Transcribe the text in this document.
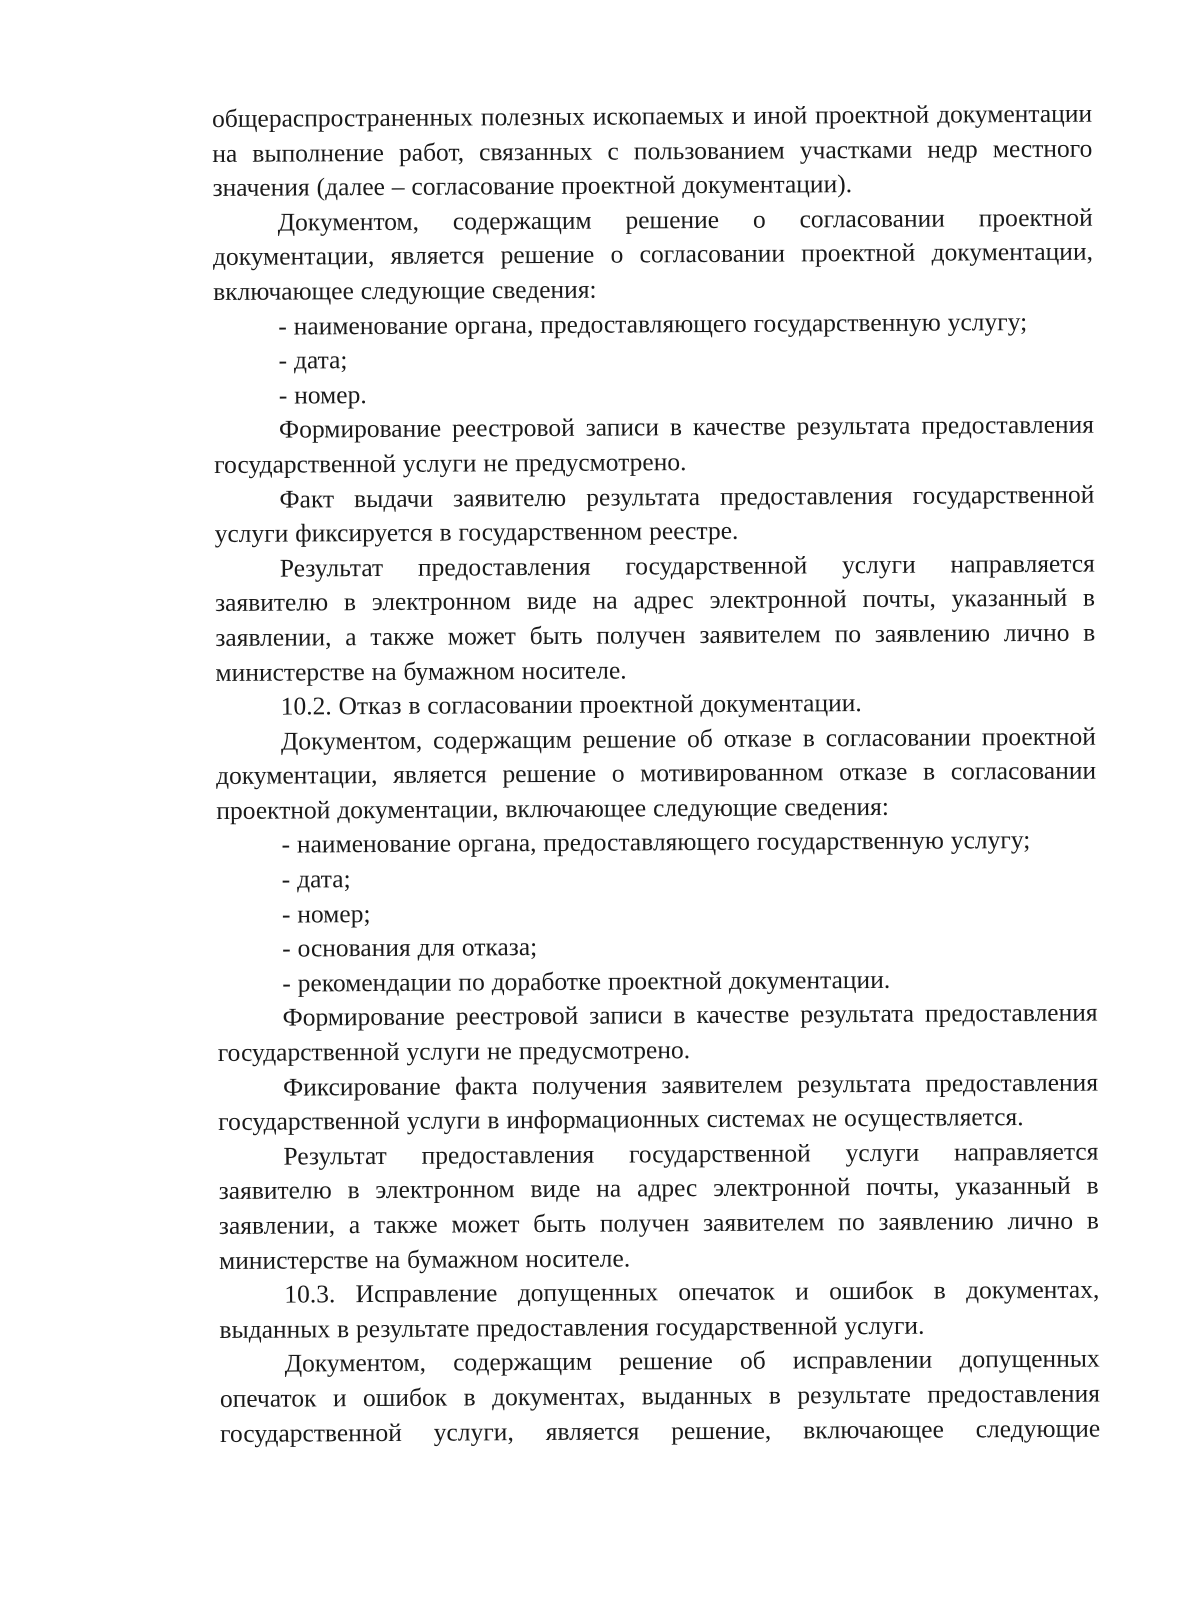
общераспространенных полезных ископаемых и иной проектной документации на выполнение работ, связанных с пользованием участками недр местного значения (далее – согласование проектной документации).

Документом, содержащим решение о согласовании проектной документации, является решение о согласовании проектной документации, включающее следующие сведения:

- наименование органа, предоставляющего государственную услугу;

- дата;

- номер.

Формирование реестровой записи в качестве результата предоставления государственной услуги не предусмотрено.

Факт выдачи заявителю результата предоставления государственной услуги фиксируется в государственном реестре.

Результат предоставления государственной услуги направляется заявителю в электронном виде на адрес электронной почты, указанный в заявлении, а также может быть получен заявителем по заявлению лично в министерстве на бумажном носителе.

10.2. Отказ в согласовании проектной документации.

Документом, содержащим решение об отказе в согласовании проектной документации, является решение о мотивированном отказе в согласовании проектной документации, включающее следующие сведения:

- наименование органа, предоставляющего государственную услугу;

- дата;

- номер;

- основания для отказа;

- рекомендации по доработке проектной документации.

Формирование реестровой записи в качестве результата предоставления государственной услуги не предусмотрено.

Фиксирование факта получения заявителем результата предоставления государственной услуги в информационных системах не осуществляется.

Результат предоставления государственной услуги направляется заявителю в электронном виде на адрес электронной почты, указанный в заявлении, а также может быть получен заявителем по заявлению лично в министерстве на бумажном носителе.

10.3. Исправление допущенных опечаток и ошибок в документах, выданных в результате предоставления государственной услуги.

Документом, содержащим решение об исправлении допущенных опечаток и ошибок в документах, выданных в результате предоставления государственной услуги, является решение, включающее следующие
